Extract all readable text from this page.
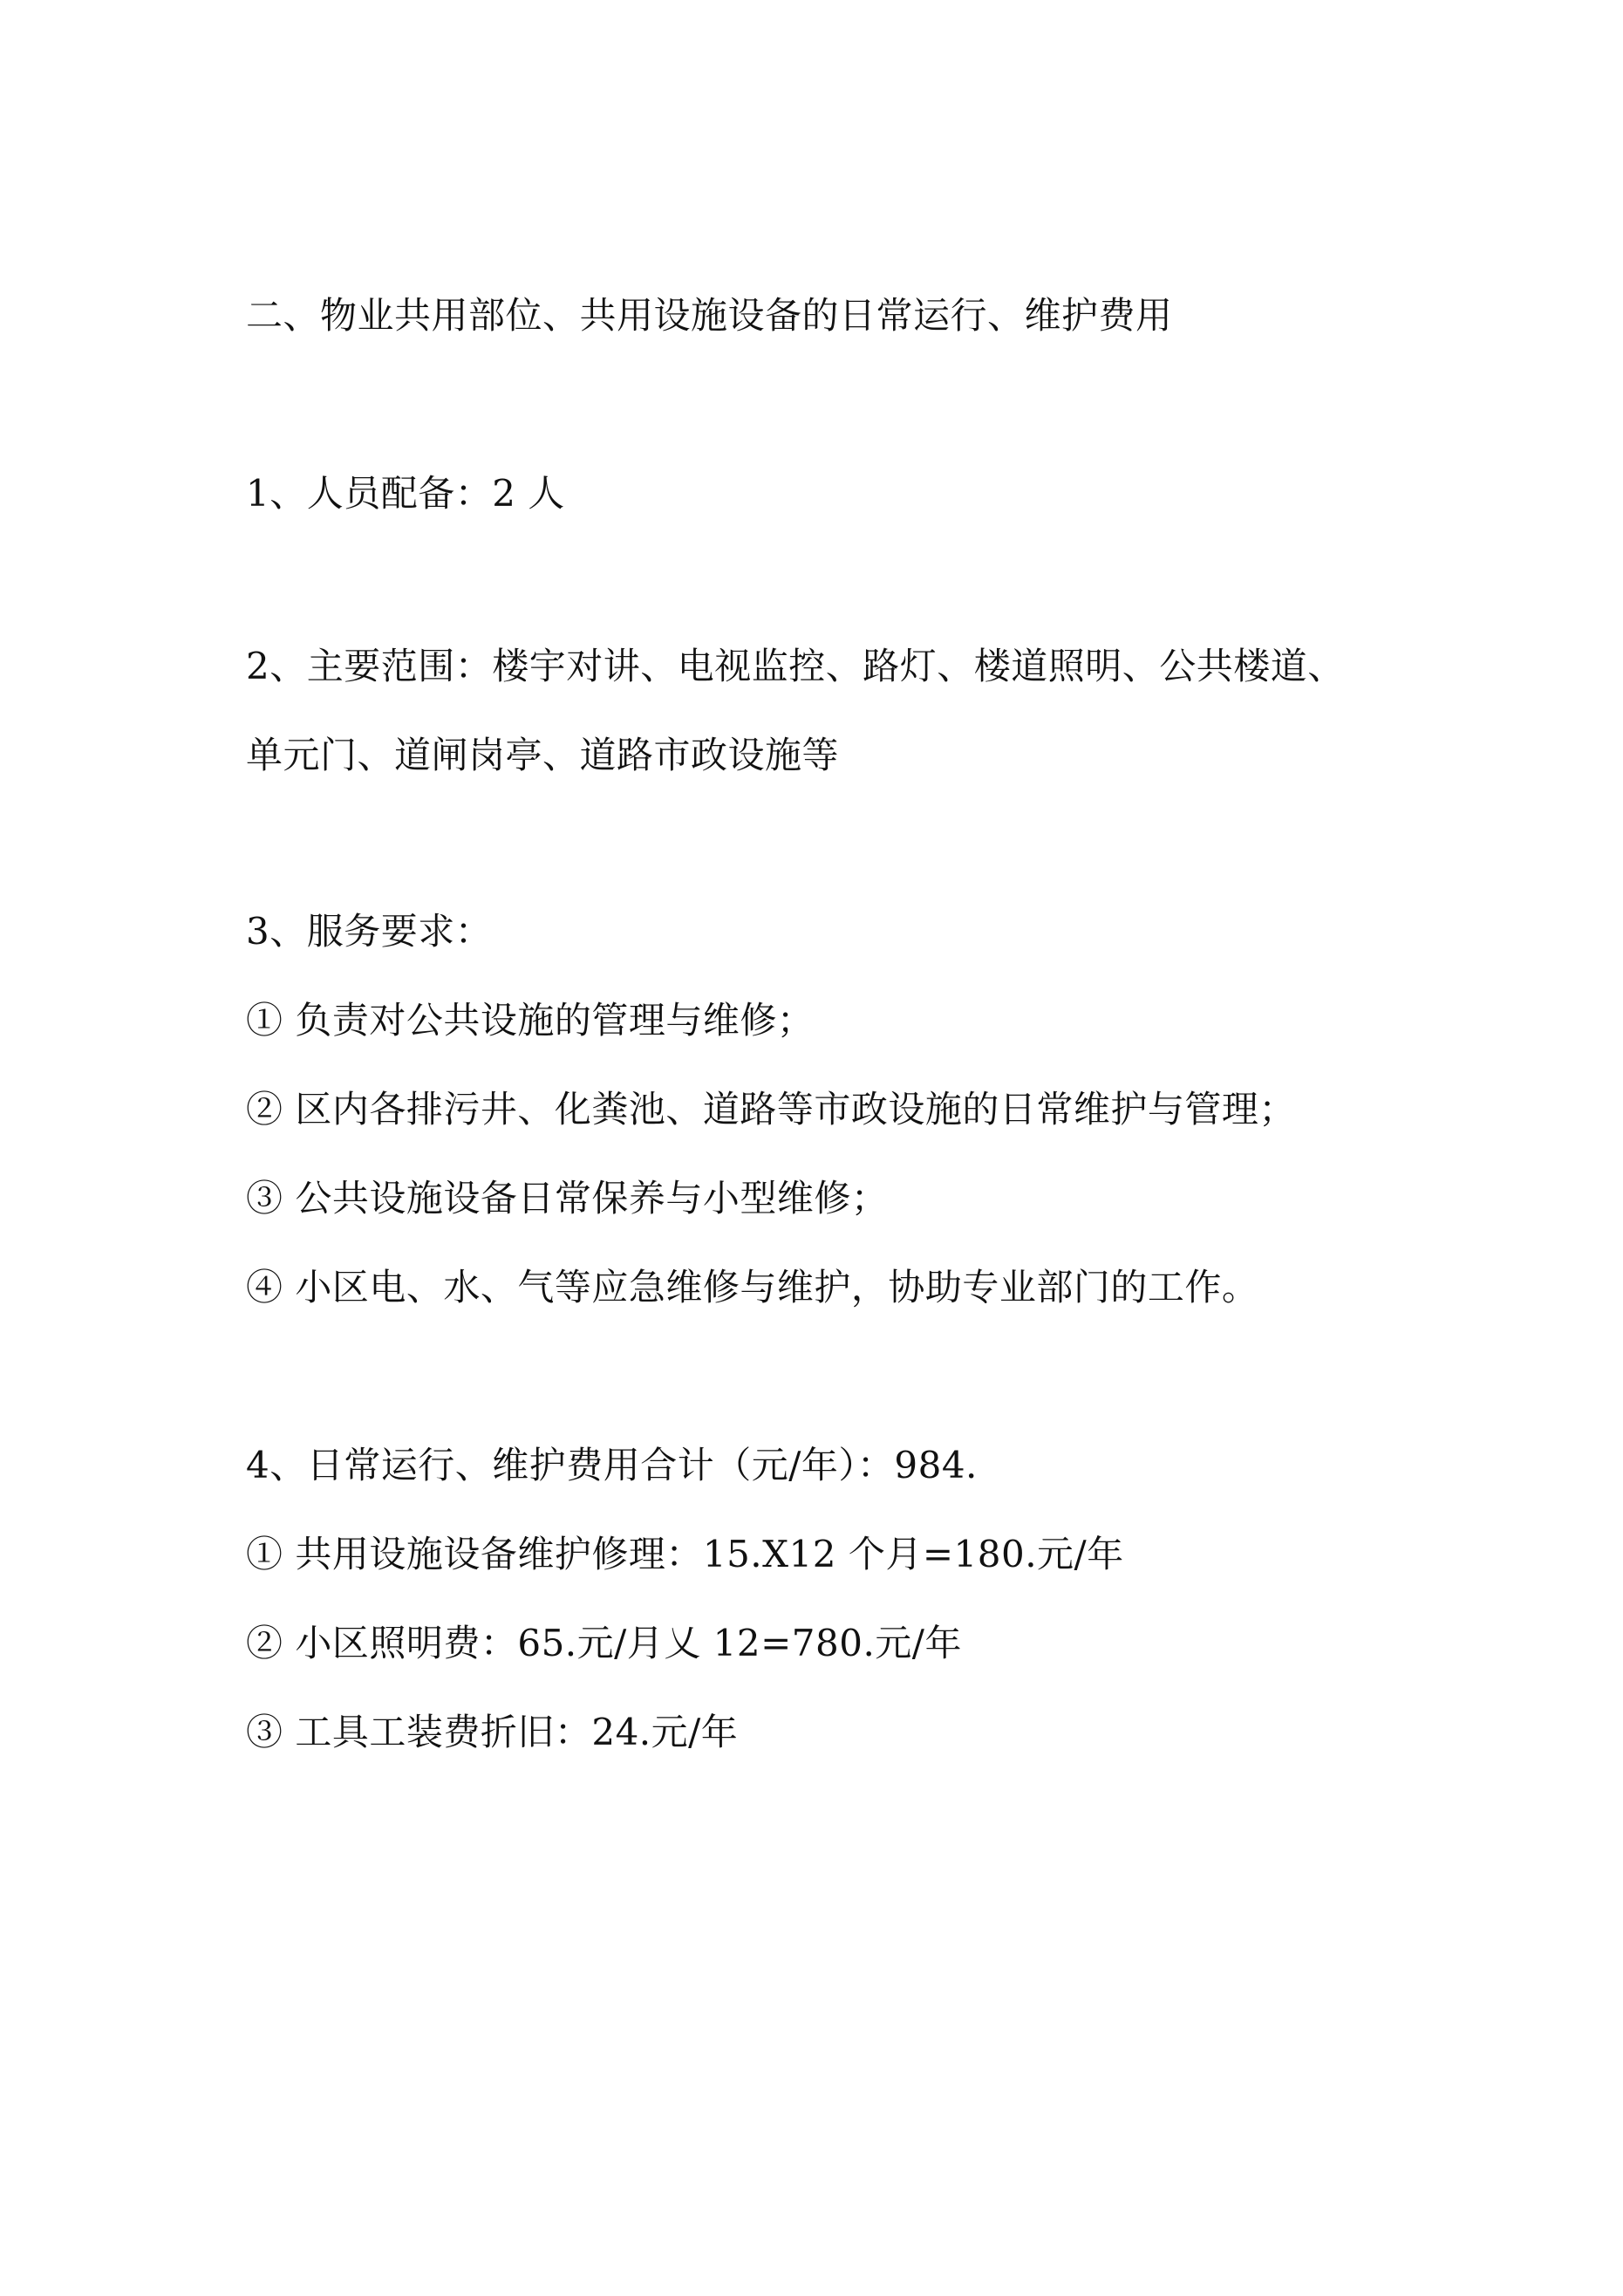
二、物业共用部位、共用设施设备的日常运行、维护费用
1、人员配备：2 人
2、主要范围：楼宇对讲、电视监控、路灯、楼道照明、公共楼道、
单元门、道闸岗亭、道路市政设施等
3、服务要求：
① 负责对公共设施的管理与维修；
② 区内各排污井、化粪池、道路等市政设施的日常维护与管理；
③ 公共设施设备日常保养与小型维修；
④ 小区电、水、气等应急维修与维护，协助专业部门的工作。
4、日常运行、维护费用合计（元/年）：984.
① 共用设施设备维护修理：15.X12 个月=180.元/年
② 小区照明费：65.元/月乂 12=780.元/年
③ 工具工装费折旧：24.元/年
